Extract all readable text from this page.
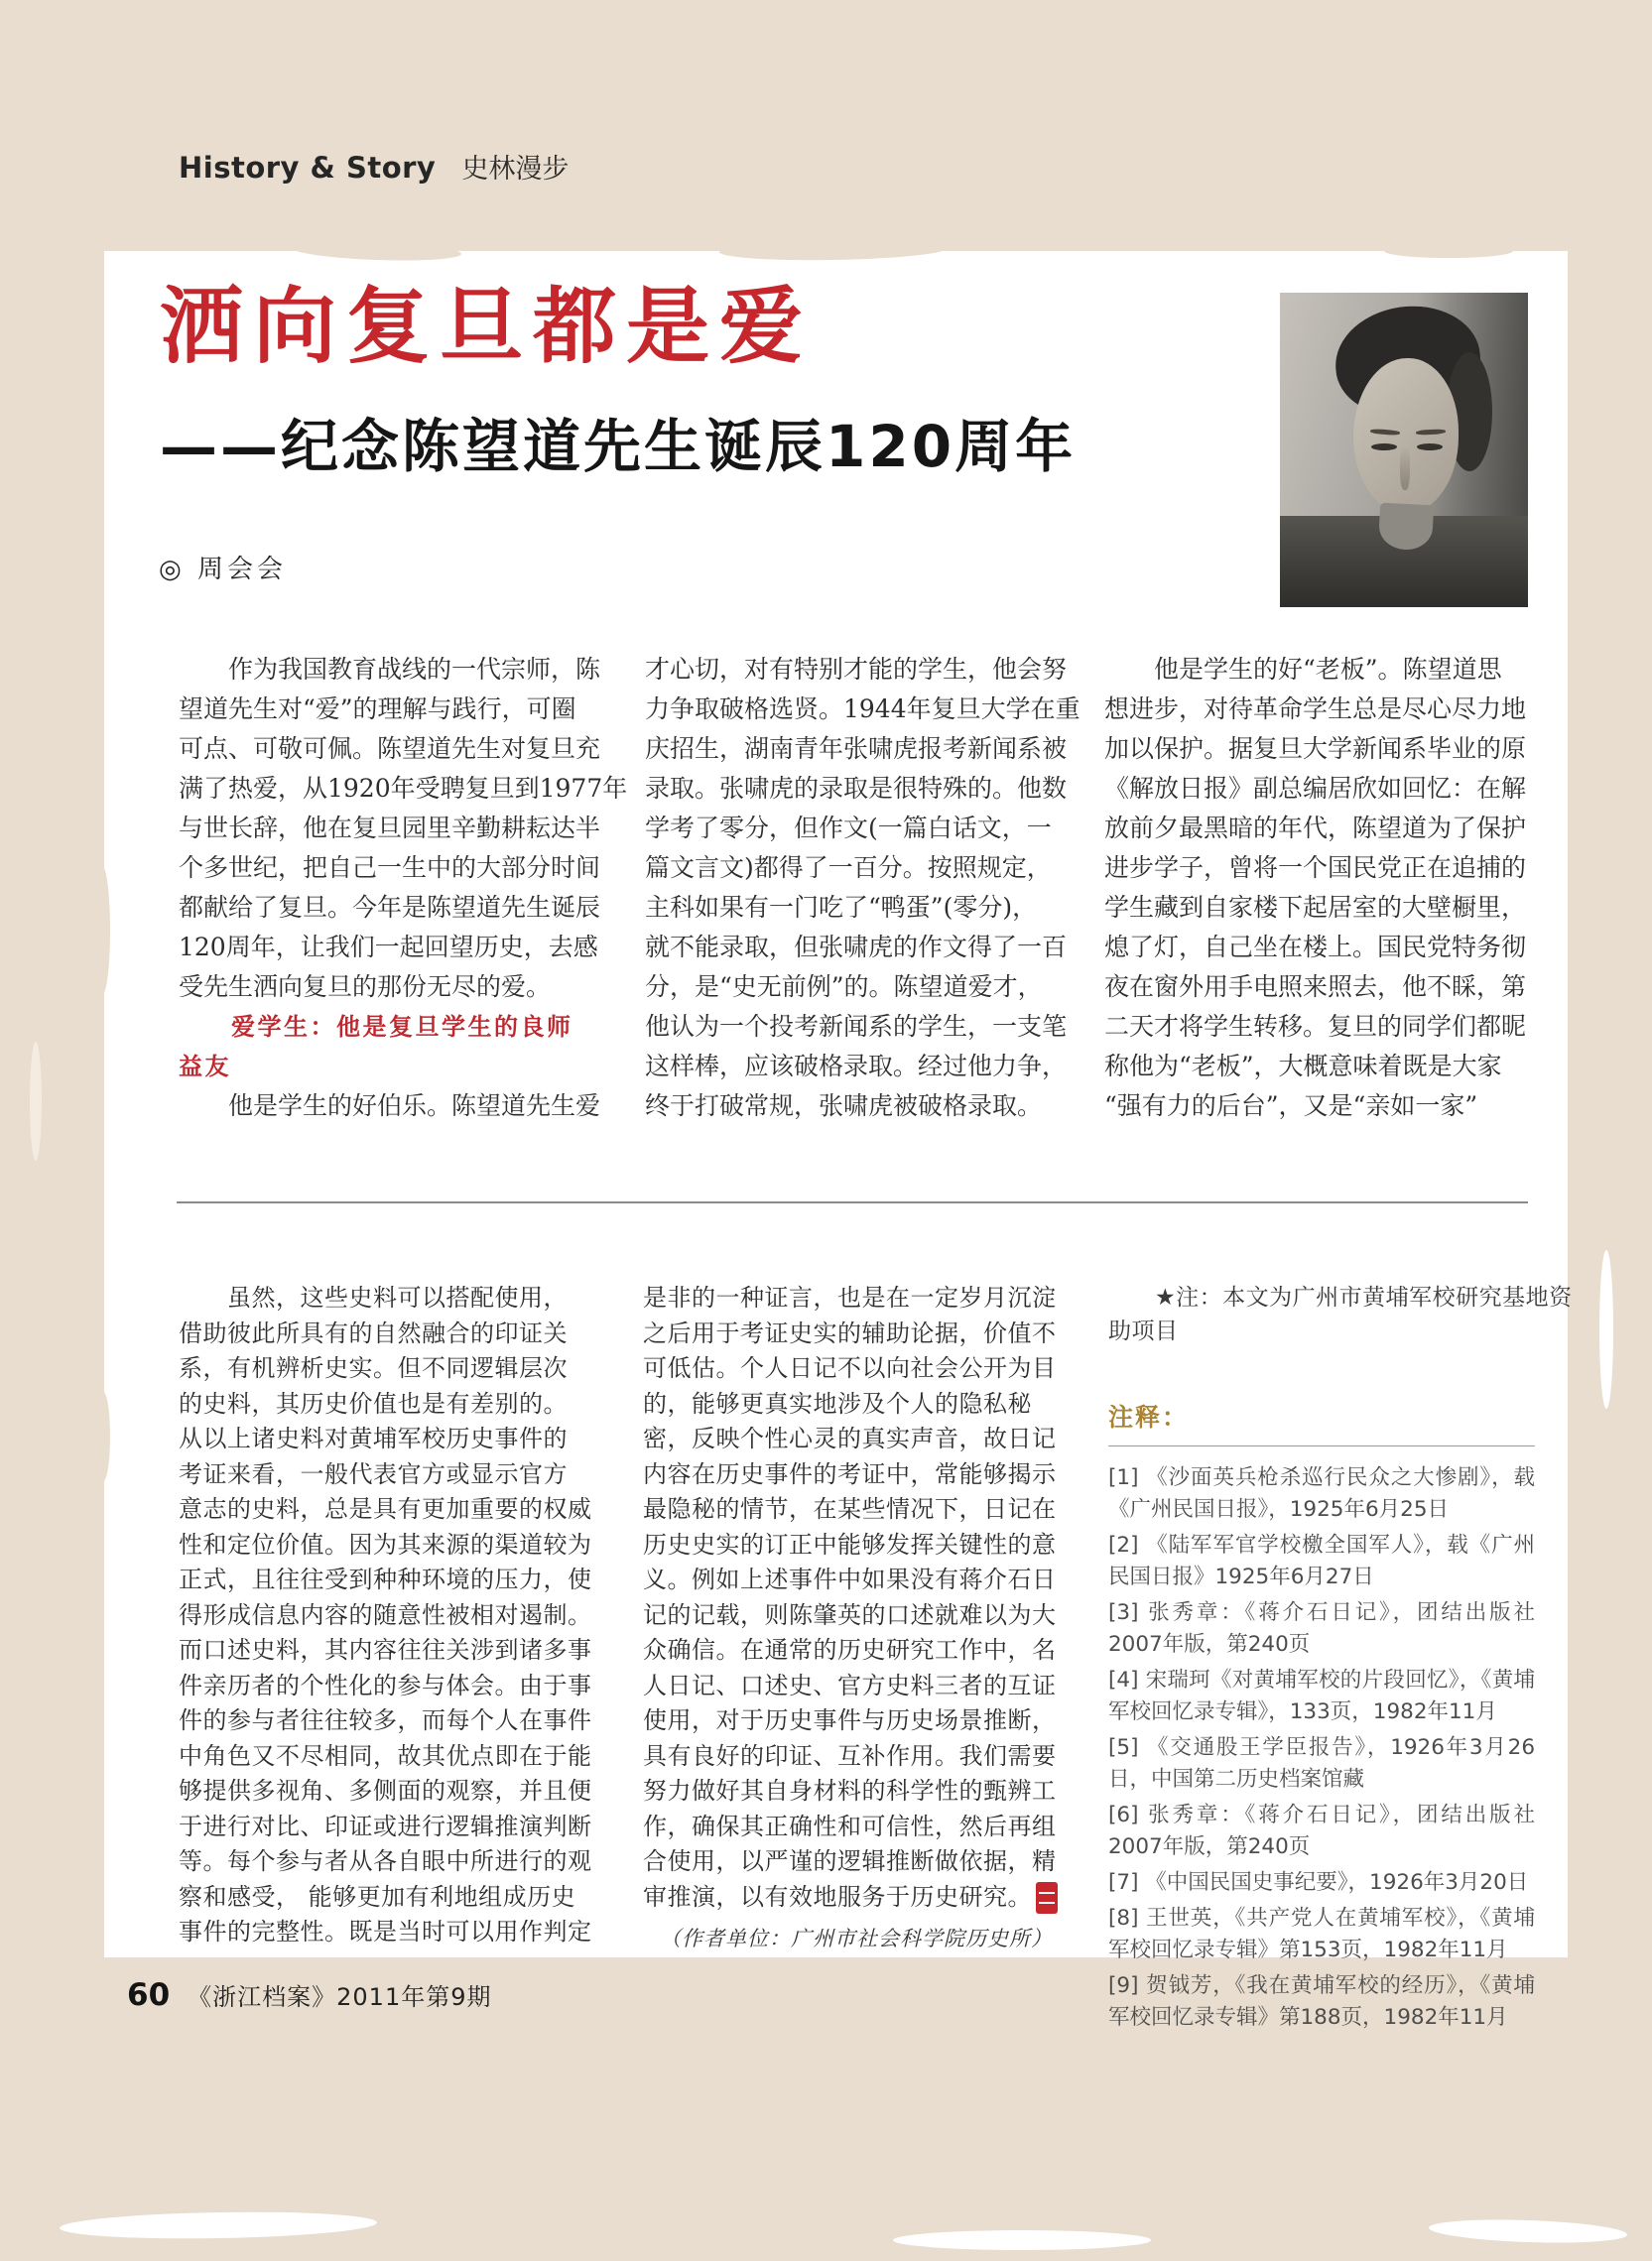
History & Story 史林漫步
洒向复旦都是爱
——纪念陈望道先生诞辰120周年
◎ 周会会
　　作为我国教育战线的一代宗师，陈
望道先生对“爱”的理解与践行，可圈
可点、可敬可佩。陈望道先生对复旦充
满了热爱，从1920年受聘复旦到1977年
与世长辞，他在复旦园里辛勤耕耘达半
个多世纪，把自己一生中的大部分时间
都献给了复旦。今年是陈望道先生诞辰
120周年，让我们一起回望历史，去感
受先生洒向复旦的那份无尽的爱。
　　爱学生：他是复旦学生的良师
益友
　　他是学生的好伯乐。陈望道先生爱
才心切，对有特别才能的学生，他会努
力争取破格选贤。1944年复旦大学在重
庆招生，湖南青年张啸虎报考新闻系被
录取。张啸虎的录取是很特殊的。他数
学考了零分，但作文(一篇白话文，一
篇文言文)都得了一百分。按照规定，
主科如果有一门吃了“鸭蛋”(零分)，
就不能录取，但张啸虎的作文得了一百
分，是“史无前例”的。陈望道爱才，
他认为一个投考新闻系的学生，一支笔
这样棒，应该破格录取。经过他力争，
终于打破常规，张啸虎被破格录取。
　　他是学生的好“老板”。陈望道思
想进步，对待革命学生总是尽心尽力地
加以保护。据复旦大学新闻系毕业的原
《解放日报》副总编居欣如回忆：在解
放前夕最黑暗的年代，陈望道为了保护
进步学子，曾将一个国民党正在追捕的
学生藏到自家楼下起居室的大壁橱里，
熄了灯，自己坐在楼上。国民党特务彻
夜在窗外用手电照来照去，他不睬，第
二天才将学生转移。复旦的同学们都昵
称他为“老板”，大概意味着既是大家
“强有力的后台”，又是“亲如一家”
　　虽然，这些史料可以搭配使用，
借助彼此所具有的自然融合的印证关
系，有机辨析史实。但不同逻辑层次
的史料，其历史价值也是有差别的。
从以上诸史料对黄埔军校历史事件的
考证来看，一般代表官方或显示官方
意志的史料，总是具有更加重要的权威
性和定位价值。因为其来源的渠道较为
正式，且往往受到种种环境的压力，使
得形成信息内容的随意性被相对遏制。
而口述史料，其内容往往关涉到诸多事
件亲历者的个性化的参与体会。由于事
件的参与者往往较多，而每个人在事件
中角色又不尽相同，故其优点即在于能
够提供多视角、多侧面的观察，并且便
于进行对比、印证或进行逻辑推演判断
等。每个参与者从各自眼中所进行的观
察和感受， 能够更加有利地组成历史
事件的完整性。既是当时可以用作判定
是非的一种证言，也是在一定岁月沉淀
之后用于考证史实的辅助论据，价值不
可低估。个人日记不以向社会公开为目
的，能够更真实地涉及个人的隐私秘
密，反映个性心灵的真实声音，故日记
内容在历史事件的考证中，常能够揭示
最隐秘的情节，在某些情况下，日记在
历史史实的订正中能够发挥关键性的意
义。例如上述事件中如果没有蒋介石日
记的记载，则陈肇英的口述就难以为大
众确信。在通常的历史研究工作中，名
人日记、口述史、官方史料三者的互证
使用，对于历史事件与历史场景推断，
具有良好的印证、互补作用。我们需要
努力做好其自身材料的科学性的甄辨工
作，确保其正确性和可信性，然后再组
合使用，以严谨的逻辑推断做依据，精
审推演，以有效地服务于历史研究。
（作者单位：广州市社会科学院历史所）
　　★注：本文为广州市黄埔军校研究基地资
助项目
注释：
[1] 《沙面英兵枪杀巡行民众之大惨剧》，载《广州民国日报》，1925年6月25日
[2] 《陆军军官学校檄全国军人》，载《广州民国日报》1925年6月27日
[3] 张秀章：《蒋介石日记》，团结出版社2007年版，第240页
[4] 宋瑞珂《对黄埔军校的片段回忆》，《黄埔军校回忆录专辑》，133页，1982年11月
[5] 《交通股王学臣报告》，1926年3月26日，中国第二历史档案馆藏
[6] 张秀章：《蒋介石日记》，团结出版社2007年版，第240页
[7] 《中国民国史事纪要》，1926年3月20日
[8] 王世英，《共产党人在黄埔军校》，《黄埔军校回忆录专辑》第153页，1982年11月
[9] 贺钺芳，《我在黄埔军校的经历》，《黄埔军校回忆录专辑》第188页，1982年11月
60 《浙江档案》2011年第9期
